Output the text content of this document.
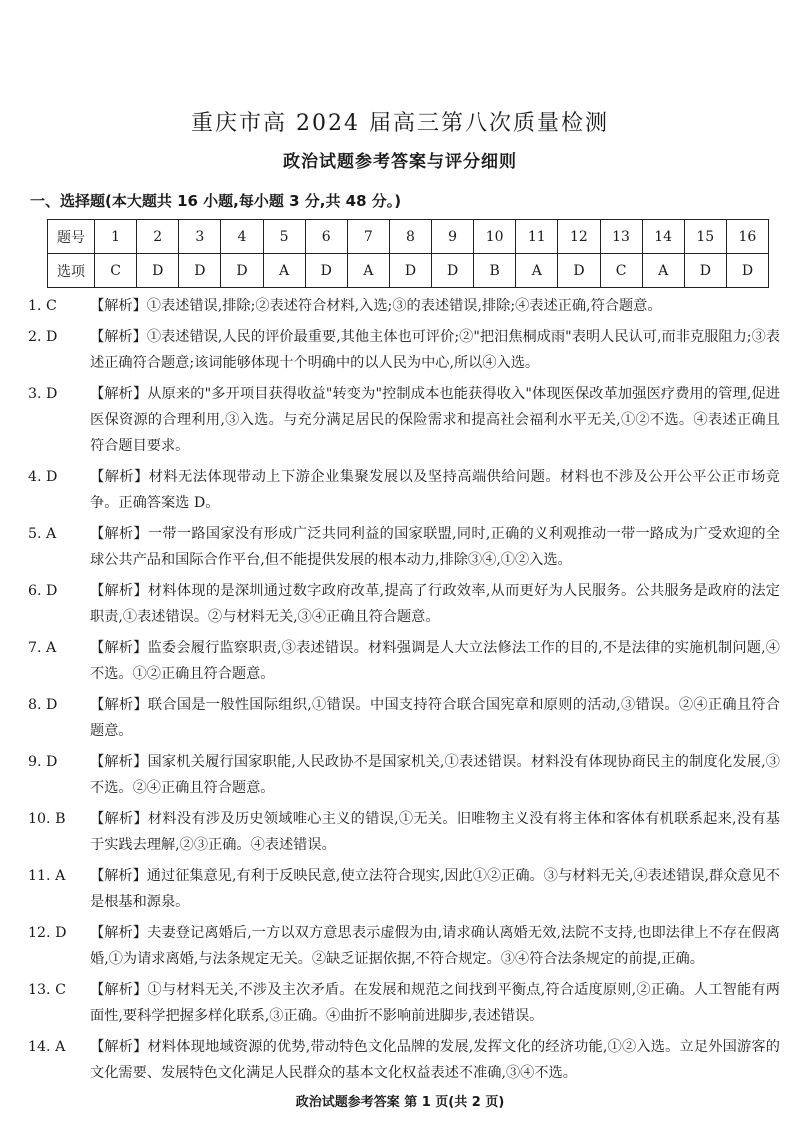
重庆市高 2024 届高三第八次质量检测
政治试题参考答案与评分细则
一、选择题(本大题共 16 小题,每小题 3 分,共 48 分。)
题号	1	2	3	4	5	6	7	8	9	10	11	12	13	14	15	16
选项	C	D	D	D	A	D	A	D	D	B	A	D	C	A	D	D
1. C	【解析】①表述错误,排除;②表述符合材料,入选;③的表述错误,排除;④表述正确,符合题意。
2. D	【解析】①表述错误,人民的评价最重要,其他主体也可评价;②"把汨焦桐成雨"表明人民认可,而非克服阻力;③表述正确符合题意;该词能够体现十个明确中的以人民为中心,所以④入选。
3. D	【解析】从原来的"多开项目获得收益"转变为"控制成本也能获得收入"体现医保改革加强医疗费用的管理,促进医保资源的合理利用,③入选。与充分满足居民的保险需求和提高社会福利水平无关,①②不选。④表述正确且符合题目要求。
4. D	【解析】材料无法体现带动上下游企业集聚发展以及坚持高端供给问题。材料也不涉及公开公平公正市场竞争。正确答案选 D。
5. A	【解析】一带一路国家没有形成广泛共同利益的国家联盟,同时,正确的义利观推动一带一路成为广受欢迎的全球公共产品和国际合作平台,但不能提供发展的根本动力,排除③④,①②入选。
6. D	【解析】材料体现的是深圳通过数字政府改革,提高了行政效率,从而更好为人民服务。公共服务是政府的法定职责,①表述错误。②与材料无关,③④正确且符合题意。
7. A	【解析】监委会履行监察职责,③表述错误。材料强调是人大立法修法工作的目的,不是法律的实施机制问题,④不选。①②正确且符合题意。
8. D	【解析】联合国是一般性国际组织,①错误。中国支持符合联合国宪章和原则的活动,③错误。②④正确且符合题意。
9. D	【解析】国家机关履行国家职能,人民政协不是国家机关,①表述错误。材料没有体现协商民主的制度化发展,③不选。②④正确且符合题意。
10. B	【解析】材料没有涉及历史领域唯心主义的错误,①无关。旧唯物主义没有将主体和客体有机联系起来,没有基于实践去理解,②③正确。④表述错误。
11. A	【解析】通过征集意见,有利于反映民意,使立法符合现实,因此①②正确。③与材料无关,④表述错误,群众意见不是根基和源泉。
12. D	【解析】夫妻登记离婚后,一方以双方意思表示虚假为由,请求确认离婚无效,法院不支持,也即法律上不存在假离婚,①为请求离婚,与法条规定无关。②缺乏证据依据,不符合规定。③④符合法条规定的前提,正确。
13. C	【解析】①与材料无关,不涉及主次矛盾。在发展和规范之间找到平衡点,符合适度原则,②正确。人工智能有两面性,要科学把握多样化联系,③正确。④曲折不影响前进脚步,表述错误。
14. A	【解析】材料体现地域资源的优势,带动特色文化品牌的发展,发挥文化的经济功能,①②入选。立足外国游客的文化需要、发展特色文化满足人民群众的基本文化权益表述不准确,③④不选。
政治试题参考答案 第 1 页(共 2 页)
